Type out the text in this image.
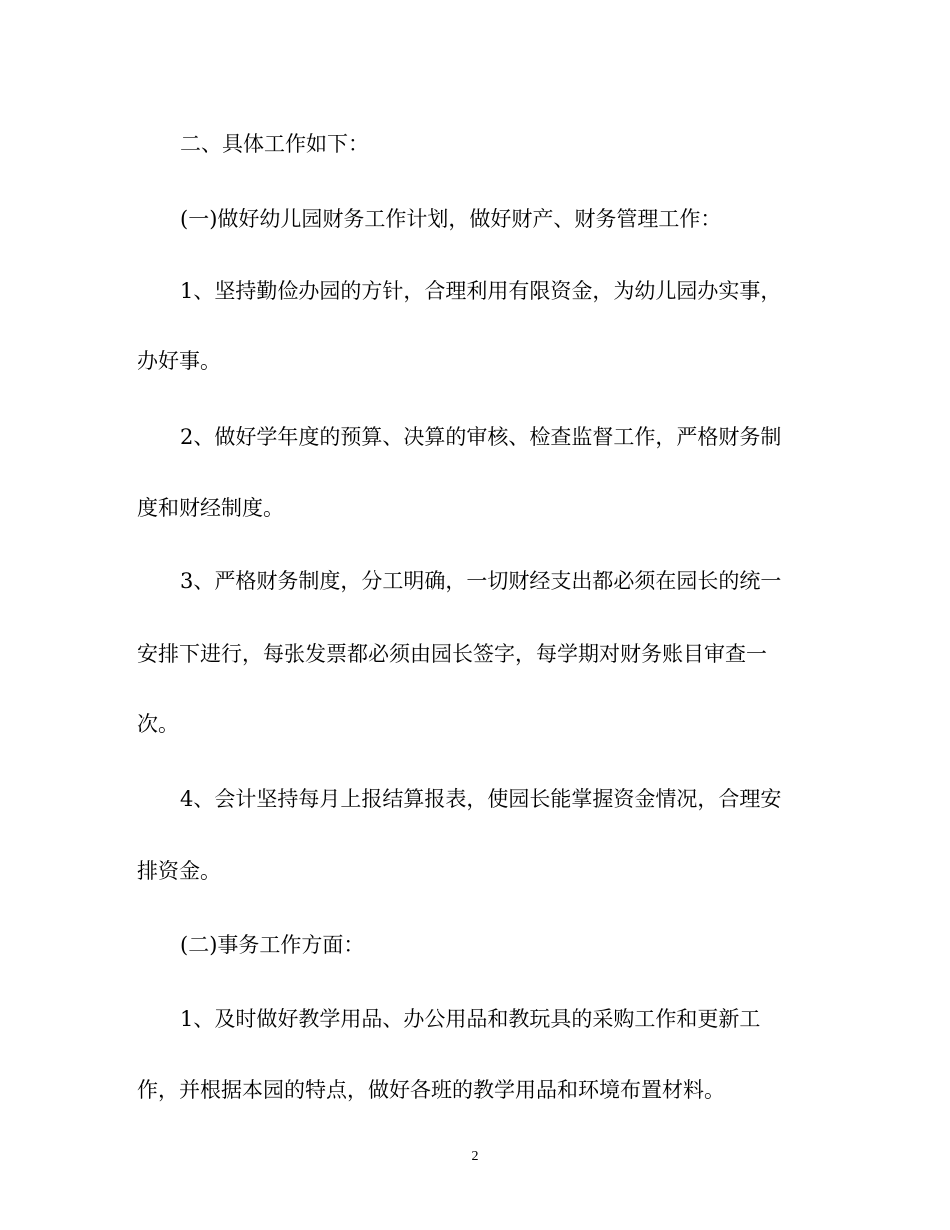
二、具体工作如下：
(一)做好幼儿园财务工作计划，做好财产、财务管理工作：
1、坚持勤俭办园的方针，合理利用有限资金，为幼儿园办实事，
办好事。
2、做好学年度的预算、决算的审核、检查监督工作，严格财务制
度和财经制度。
3、严格财务制度，分工明确，一切财经支出都必须在园长的统一
安排下进行，每张发票都必须由园长签字，每学期对财务账目审查一
次。
4、会计坚持每月上报结算报表，使园长能掌握资金情况，合理安
排资金。
(二)事务工作方面：
1、及时做好教学用品、办公用品和教玩具的采购工作和更新工
作，并根据本园的特点，做好各班的教学用品和环境布置材料。
2
